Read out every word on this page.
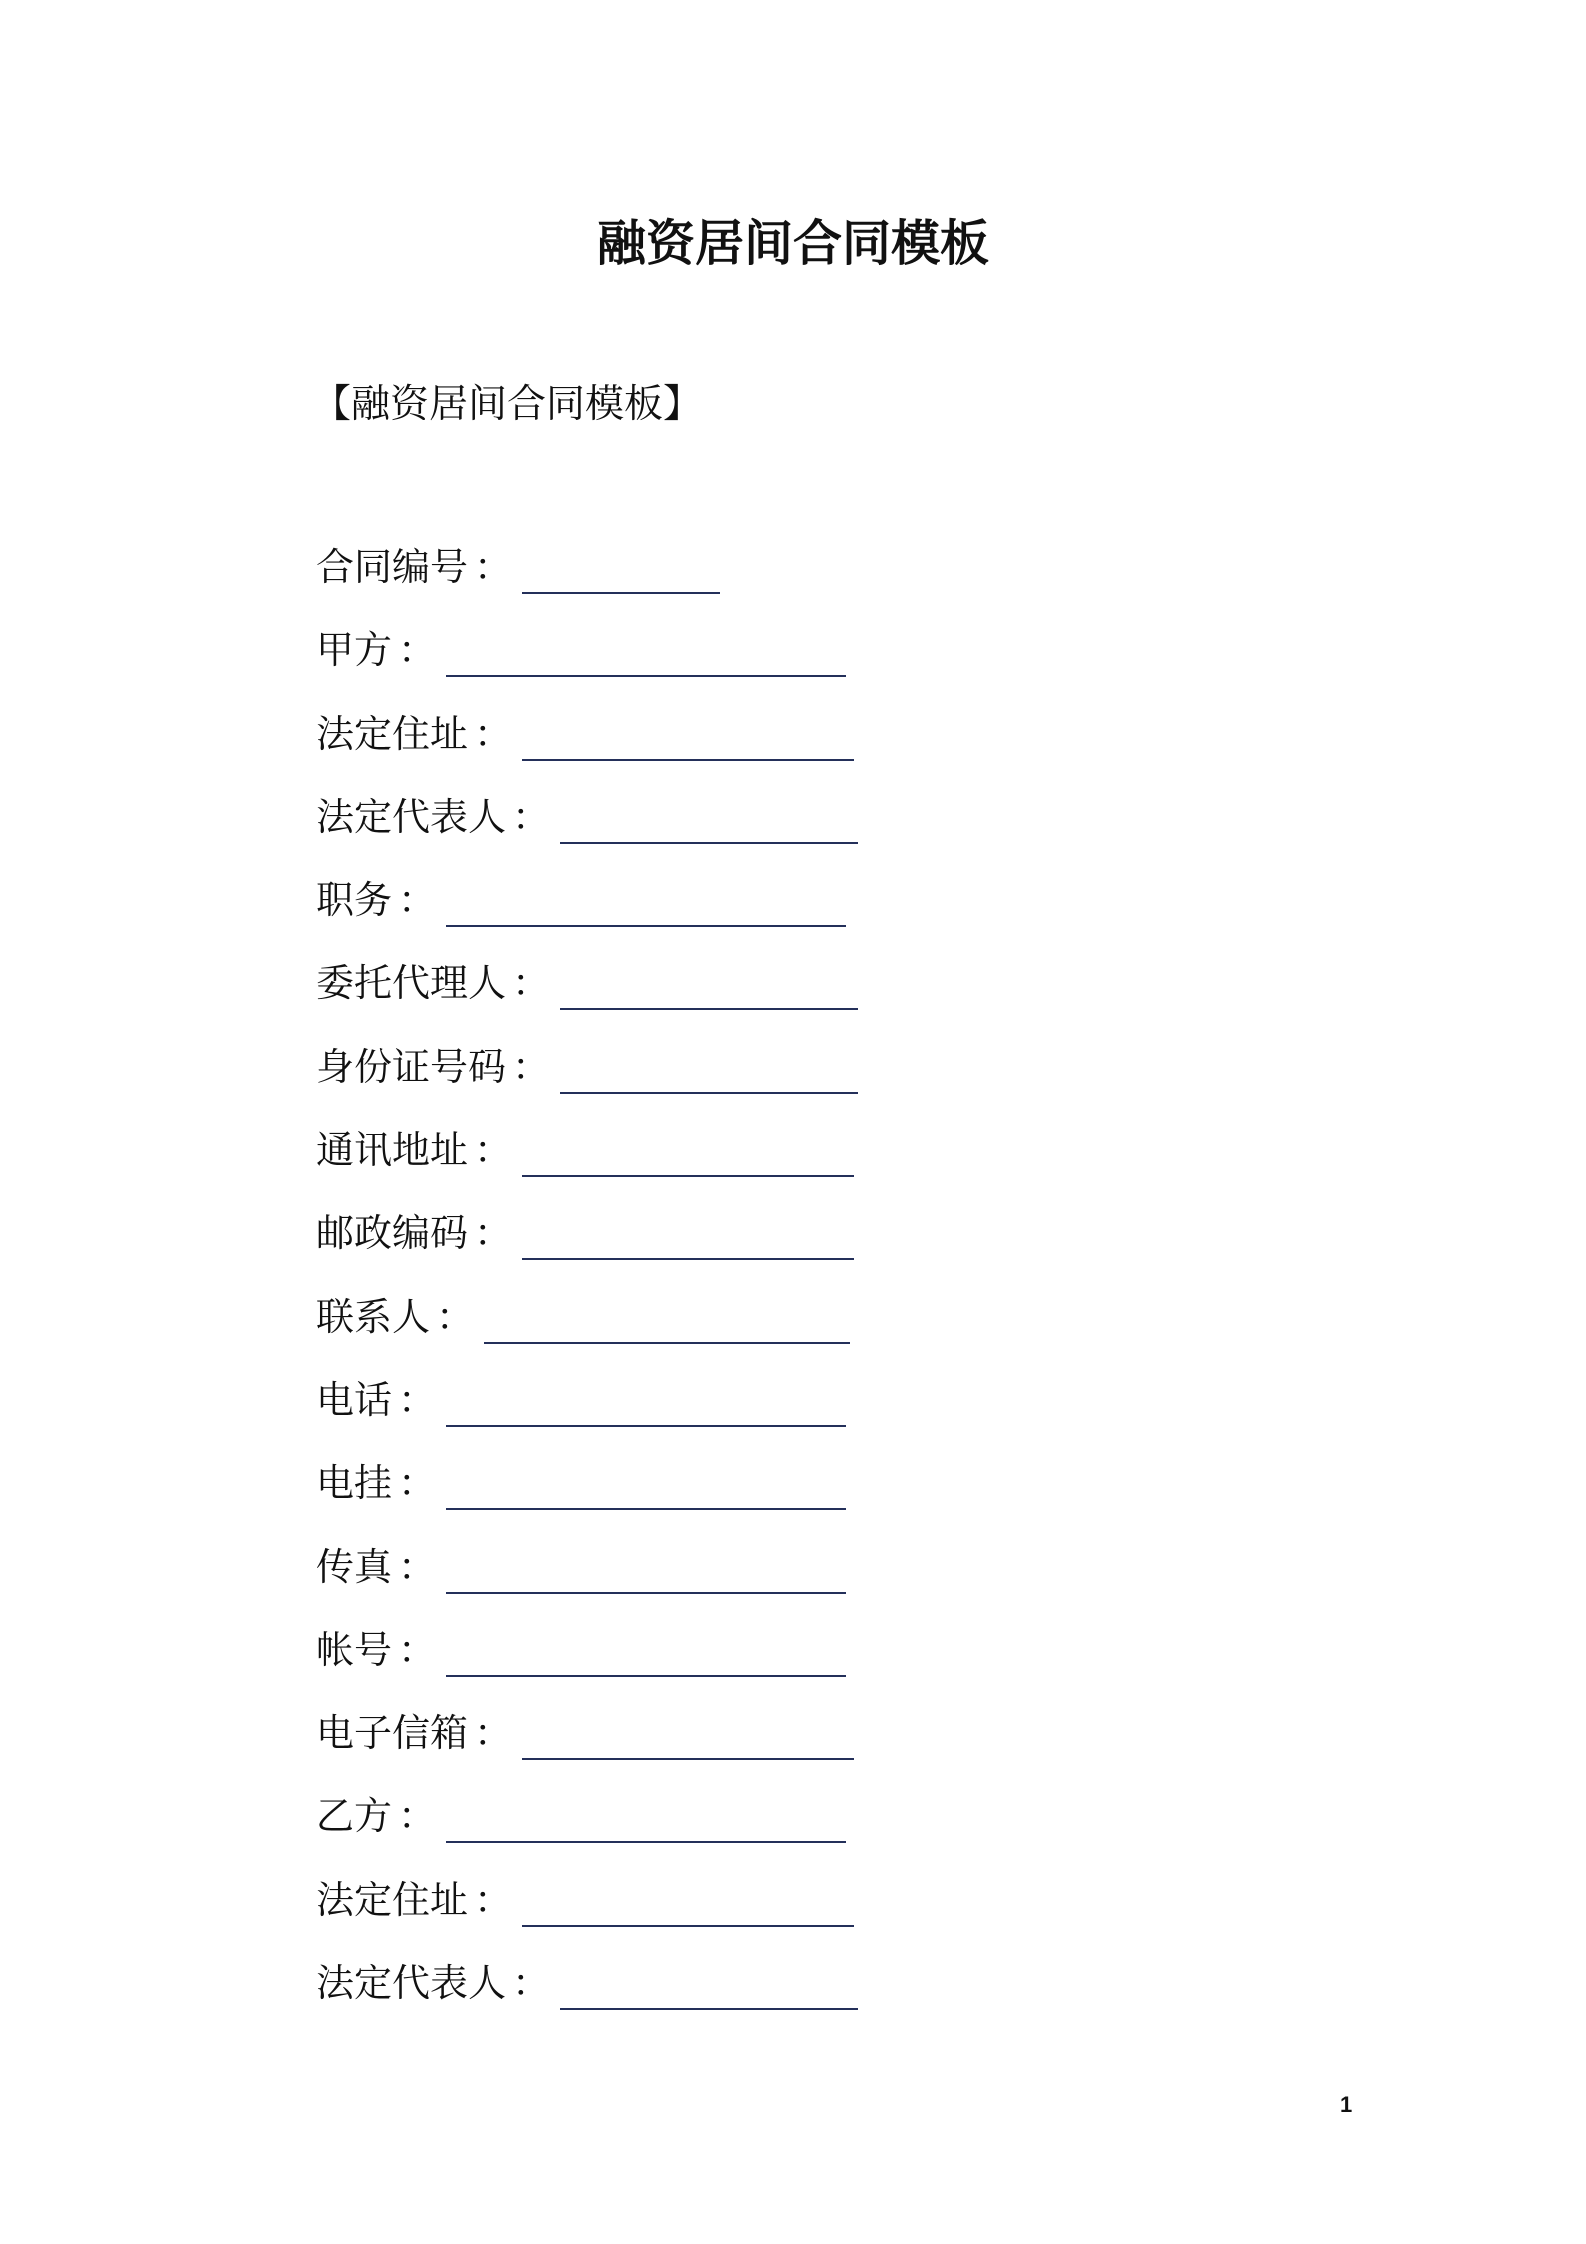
融资居间合同模板
【融资居间合同模板】
合同编号 ：
甲方 ：
法定住址 ：
法定代表人 ：
职务 ：
委托代理人 ：
身份证号码 ：
通讯地址 ：
邮政编码 ：
联系人 ：
电话 ：
电挂 ：
传真 ：
帐号 ：
电子信箱 ：
乙方 ：
法定住址 ：
法定代表人 ：
1
